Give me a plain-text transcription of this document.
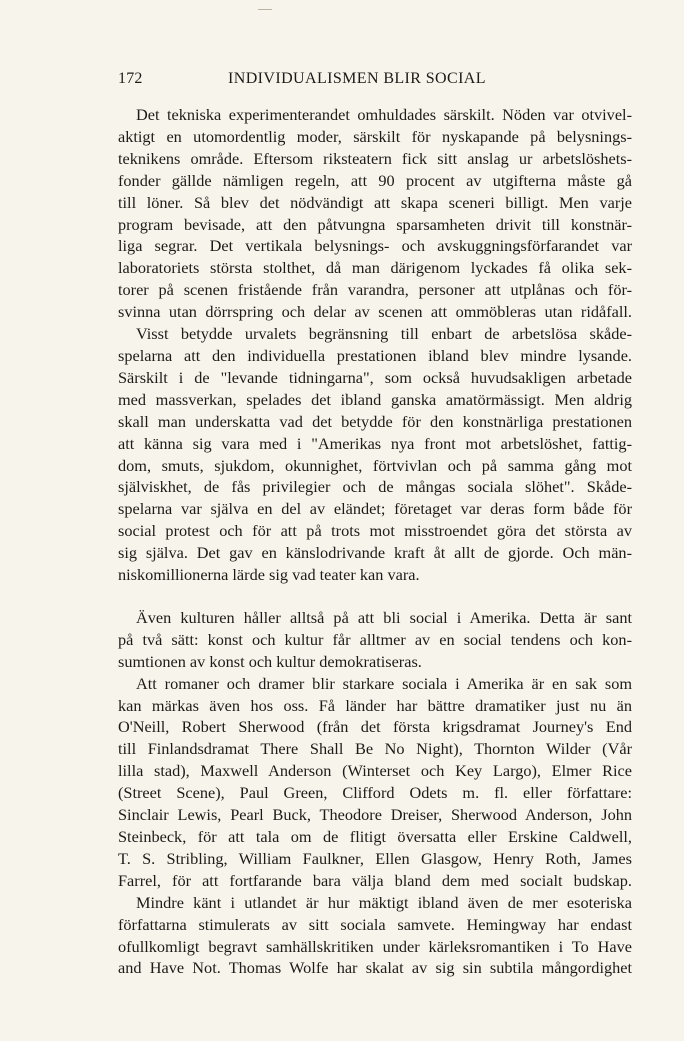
172	INDIVIDUALISMEN BLIR SOCIAL

Det tekniska experimenterandet omhuldades särskilt. Nöden var otvivel-
aktigt en utomordentlig moder, särskilt för nyskapande på belysnings-
teknikens område. Eftersom riksteatern fick sitt anslag ur arbetslöshets-
fonder gällde nämligen regeln, att 90 procent av utgifterna måste gå
till löner. Så blev det nödvändigt att skapa sceneri billigt. Men varje
program bevisade, att den påtvungna sparsamheten drivit till konstnär-
liga segrar. Det vertikala belysnings- och avskuggningsförfarandet var
laboratoriets största stolthet, då man därigenom lyckades få olika sek-
torer på scenen fristående från varandra, personer att utplånas och för-
svinna utan dörrspring och delar av scenen att ommöbleras utan ridåfall.
Visst betydde urvalets begränsning till enbart de arbetslösa skåde-
spelarna att den individuella prestationen ibland blev mindre lysande.
Särskilt i de "levande tidningarna", som också huvudsakligen arbetade
med massverkan, spelades det ibland ganska amatörmässigt. Men aldrig
skall man underskatta vad det betydde för den konstnärliga prestationen
att känna sig vara med i "Amerikas nya front mot arbetslöshet, fattig-
dom, smuts, sjukdom, okunnighet, förtvivlan och på samma gång mot
själviskhet, de fås privilegier och de mångas sociala slöhet". Skåde-
spelarna var själva en del av eländet; företaget var deras form både för
social protest och för att på trots mot misstroendet göra det största av
sig själva. Det gav en känslodrivande kraft åt allt de gjorde. Och män-
niskomillionerna lärde sig vad teater kan vara.

Även kulturen håller alltså på att bli social i Amerika. Detta är sant
på två sätt: konst och kultur får alltmer av en social tendens och kon-
sumtionen av konst och kultur demokratiseras.

Att romaner och dramer blir starkare sociala i Amerika är en sak som
kan märkas även hos oss. Få länder har bättre dramatiker just nu än
O'Neill, Robert Sherwood (från det första krigsdramat Journey's End
till Finlandsdramat There Shall Be No Night), Thornton Wilder (Vår
lilla stad), Maxwell Anderson (Winterset och Key Largo), Elmer Rice
(Street Scene), Paul Green, Clifford Odets m. fl. eller författare:
Sinclair Lewis, Pearl Buck, Theodore Dreiser, Sherwood Anderson, John
Steinbeck, för att tala om de flitigt översatta eller Erskine Caldwell,
T. S. Stribling, William Faulkner, Ellen Glasgow, Henry Roth, James
Farrel, för att fortfarande bara välja bland dem med socialt budskap.
Mindre känt i utlandet är hur mäktigt ibland även de mer esoteriska
författarna stimulerats av sitt sociala samvete. Hemingway har endast
ofullkomligt begravt samhällskritiken under kärleksromantiken i To Have
and Have Not. Thomas Wolfe har skalat av sig sin subtila mångordighet
